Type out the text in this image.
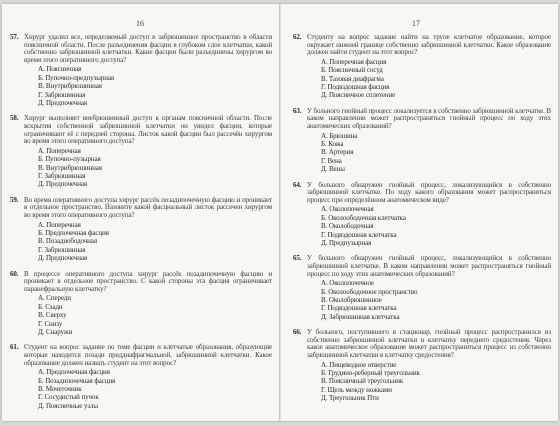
16
57. Хирург удалил все, определяемый доступ в забрюшинное пространство в области поясничной области. После разъединения фасции в глубоком слое клетчатки, какой собственно забрюшинной клетчатки. Какие фасции были разъединены хирургом во время этого оперативного доступа?
А. Поясничная
Б. Пупочно-предпузырная
В. Внутрибрюшинная
Г. Забрюшинная
Д. Предпочечная
58. Хирург выполняет внебрюшинный доступ к органам поясничной области. После вскрытия собственной забрюшинной клетчатки он увидел фасции, которые ограничивают её с передней стороны. Листок какой фасции был рассечён хирургом во время этого оперативного доступа?
А. Поперечная
Б. Пупочно-пузырная
В. Внутрибрюшинная
Г. Забрюшинная
Д. Предпочечная
59. Во время оперативного доступа хирург рассёк позадипочечную фасцию и проникает в отдельное пространство. Назовите какой фасциальный листок рассечен хирургом во время этого оперативного доступа?
А. Поперечная
Б. Предпочечная фасция
В. Позадиободочная
Г. Забрюшинная
Д. Предпочечная
60. В процессе оперативного доступа хирург рассёк позадипочечную фасцию и проникает в отдельное пространство. С какой стороны эта фасция ограничивает паранефральную клетчатку?
А. Спереди
Б. Сзади
В. Сверху
Г. Снизу
Д. Снаружи
61. Студент на вопрос задание по теме фасции и клетчатые образования, образующие которые находится позади преддиафрагмальной, забрюшинной клетчатки. Какое образование должен назвать студент на этот вопрос?
А. Предпочечная фасция
Б. Позадипочечная фасция
В. Мочеточник
Г. Сосудистый пучок
Д. Поясничные узлы
17
62. Студенту на вопрос задание найти на трупе клетчатое образование, которое окружает нижней границе собственно забрюшинной клетчатки. Какое образование должен найти студент на этот вопрос?
А. Поперечная фасция
Б. Поясничный сосуд
В. Тазовая диафрагма
Г. Подвздошная фасция
Д. Поясничное сплетение
63. У больного гнойный процесс локализуется в собственно забрюшинной клетчатке. В каком направлении может распространяться гнойный процесс по ходу этих анатомических образований?
А. Брюшина
Б. Кожа
В. Артерия
Г. Вена
Д. Вены
64. У больного обнаружен гнойный процесс, локализующийся в собственно забрюшинной клетчатке. По ходу какого образования может распространяться процесс при определённом анатомическом виде?
А. Околопочечная
Б. Околоободочная клетчатка
В. Околободочная
Г. Подвздошная клетчатка
Д. Предпузырная
65. У больного обнаружен гнойный процесс, локализующийся в собственно забрюшинной клетчатке. В каком направлении может распространяться гнойный процесс по ходу этих анатомических образований?
А. Околопочечное
Б. Околоободочное пространство
В. Околобрюшинное
Г. Подвздошная клетчатка
Д. Забрюшинная клетчатка
66. У больного, поступившего в стационар, гнойный процесс распространился из собственно забрюшинной клетчатки в клетчатку переднего средостения. Через какое анатомическое образование может распространиться процесс из собственно забрюшинной клетчатки в клетчатку средостения?
А. Пищеводное отверстие
Б. Грудино-реберный треугольник
В. Поясничный треугольник
Г. Щель между ножками
Д. Треугольник Пти
